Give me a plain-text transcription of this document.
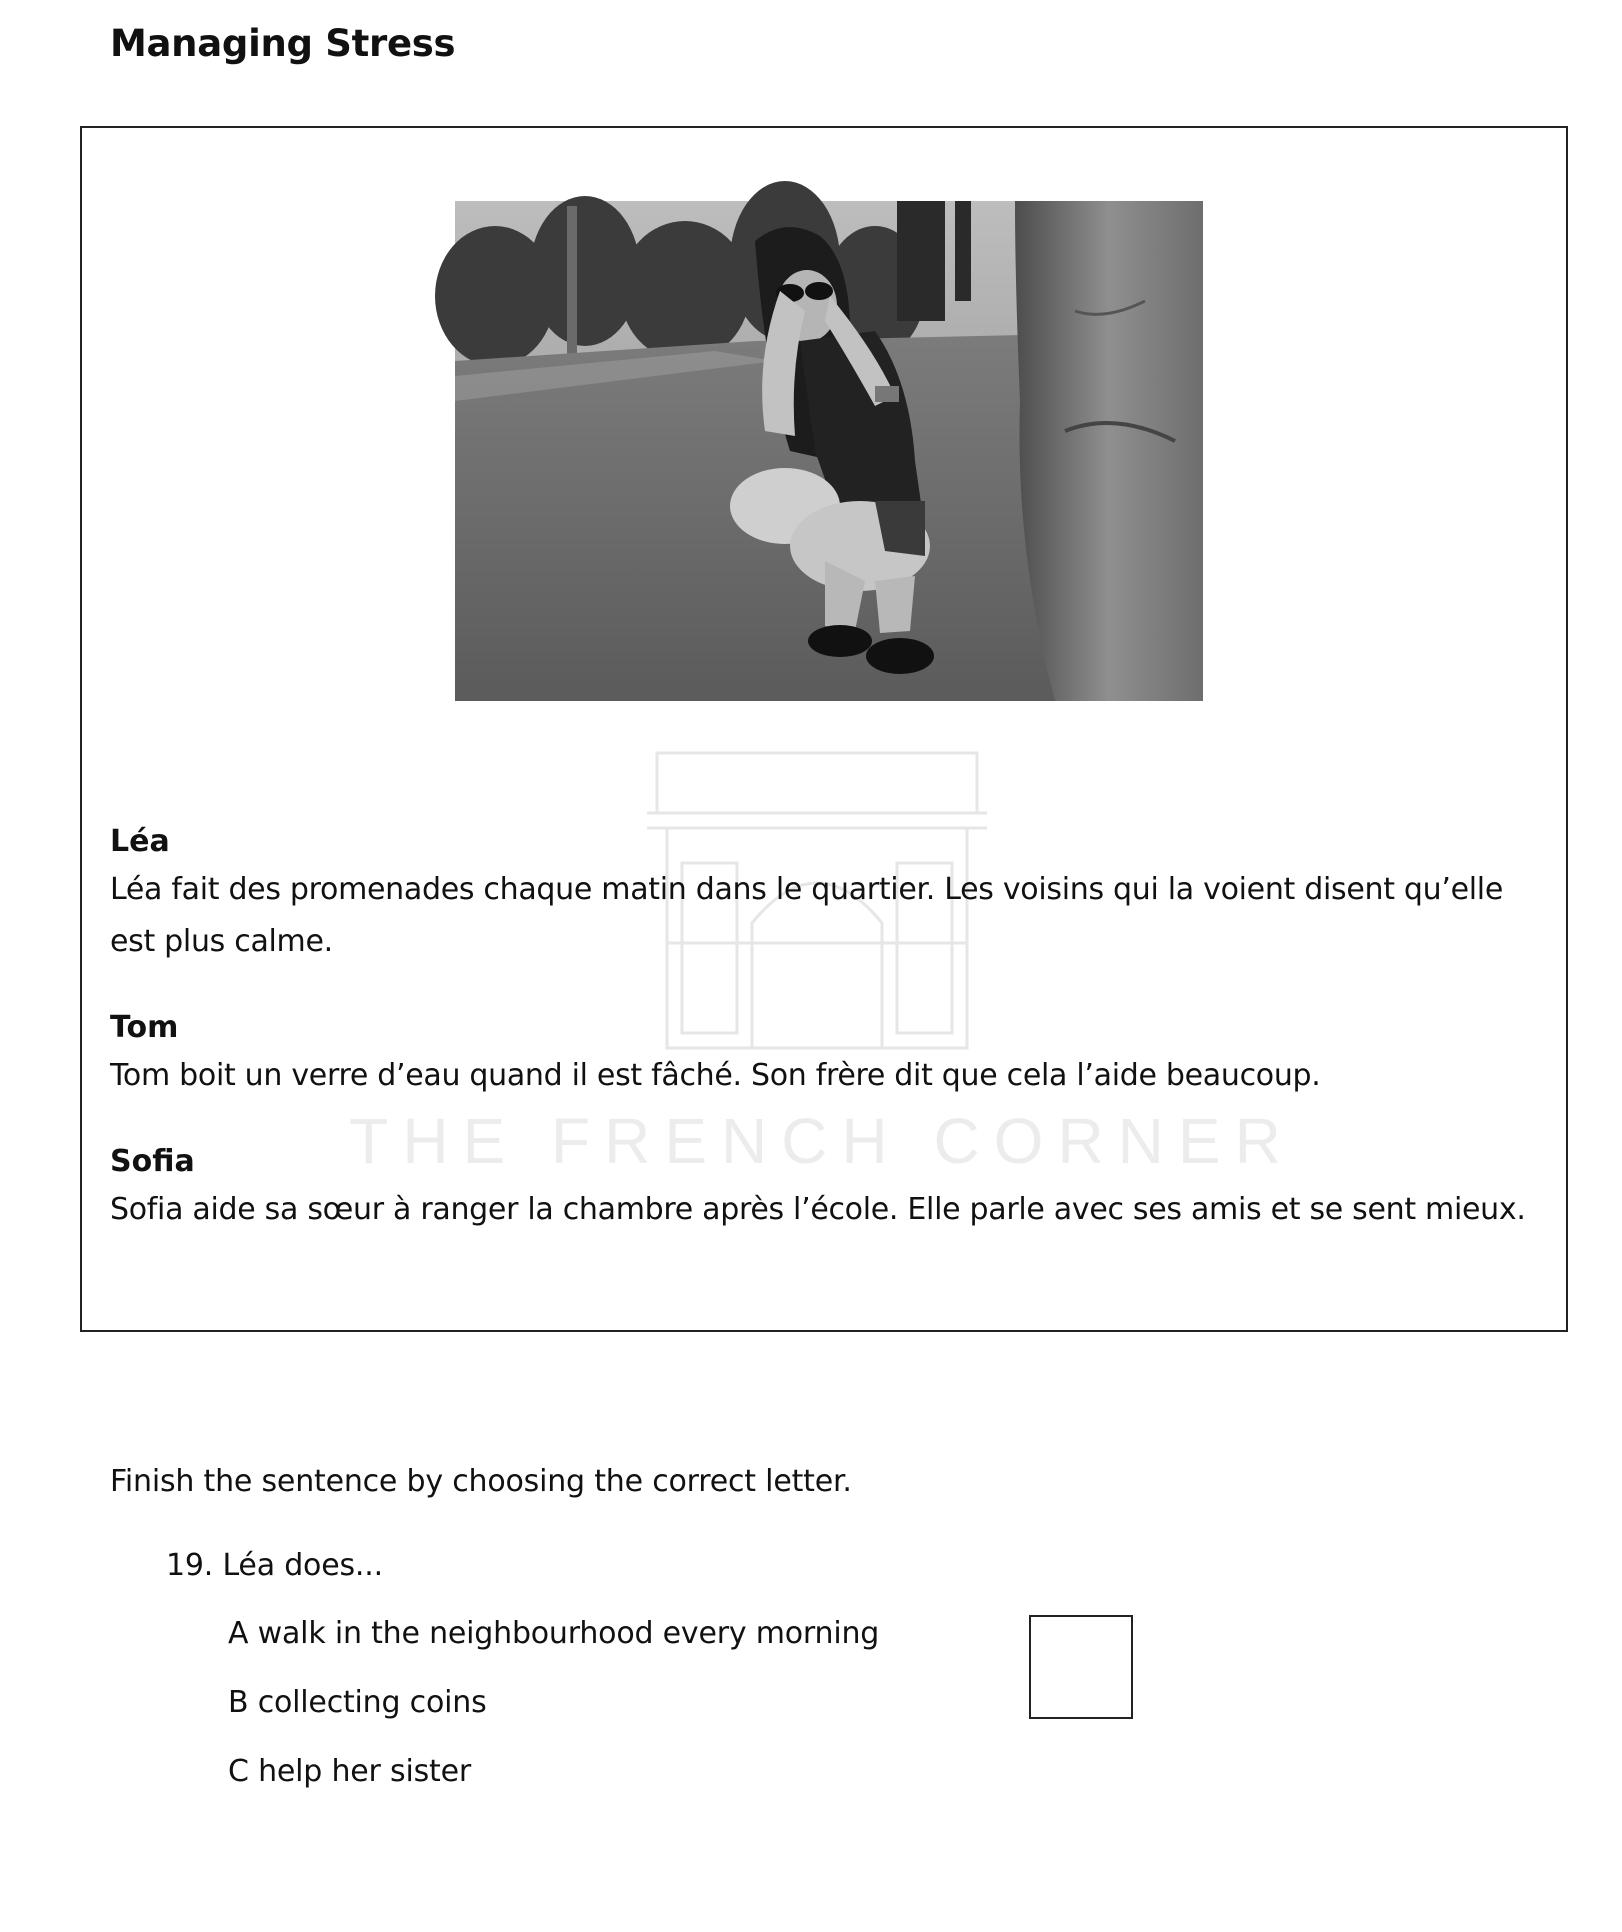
Managing Stress
THE FRENCH CORNER
Léa
Léa fait des promenades chaque matin dans le quartier. Les voisins qui la voient disent qu’elle est plus calme.
Tom
Tom boit un verre d’eau quand il est fâché. Son frère dit que cela l’aide beaucoup.
Sofia
Sofia aide sa sœur à ranger la chambre après l’école. Elle parle avec ses amis et se sent mieux.

Finish the sentence by choosing the correct letter.

19. Léa does...
A walk in the neighbourhood every morning
B collecting coins
C help her sister
